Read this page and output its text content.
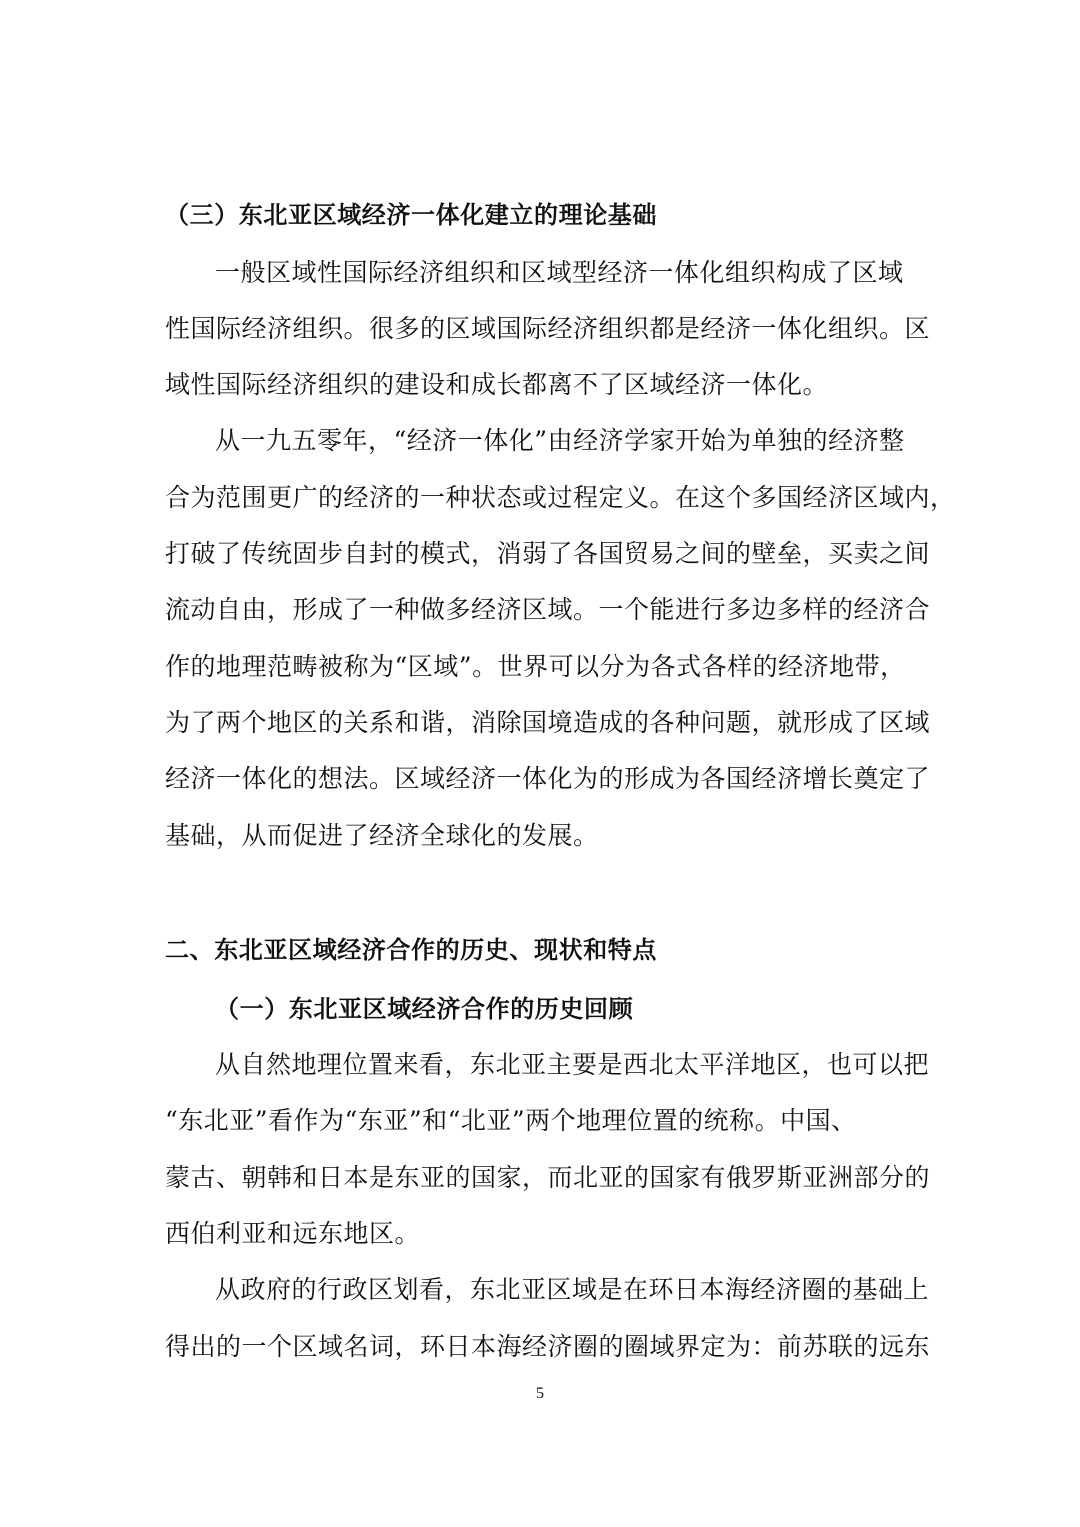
（三）东北亚区域经济一体化建立的理论基础
一般区域性国际经济组织和区域型经济一体化组织构成了区域
性国际经济组织。很多的区域国际经济组织都是经济一体化组织。区
域性国际经济组织的建设和成长都离不了区域经济一体化。
从一九五零年，“经济一体化”由经济学家开始为单独的经济整
合为范围更广的经济的一种状态或过程定义。在这个多国经济区域内，
打破了传统固步自封的模式，消弱了各国贸易之间的壁垒，买卖之间
流动自由，形成了一种做多经济区域。一个能进行多边多样的经济合
作的地理范畴被称为“区域”。世界可以分为各式各样的经济地带，
为了两个地区的关系和谐，消除国境造成的各种问题，就形成了区域
经济一体化的想法。区域经济一体化为的形成为各国经济增长奠定了
基础，从而促进了经济全球化的发展。
二、东北亚区域经济合作的历史、现状和特点
（一）东北亚区域经济合作的历史回顾
从自然地理位置来看，东北亚主要是西北太平洋地区，也可以把
“东北亚”看作为“东亚”和“北亚”两个地理位置的统称。中国、
蒙古、朝韩和日本是东亚的国家，而北亚的国家有俄罗斯亚洲部分的
西伯利亚和远东地区。
从政府的行政区划看，东北亚区域是在环日本海经济圈的基础上
得出的一个区域名词，环日本海经济圈的圈域界定为：前苏联的远东
5
